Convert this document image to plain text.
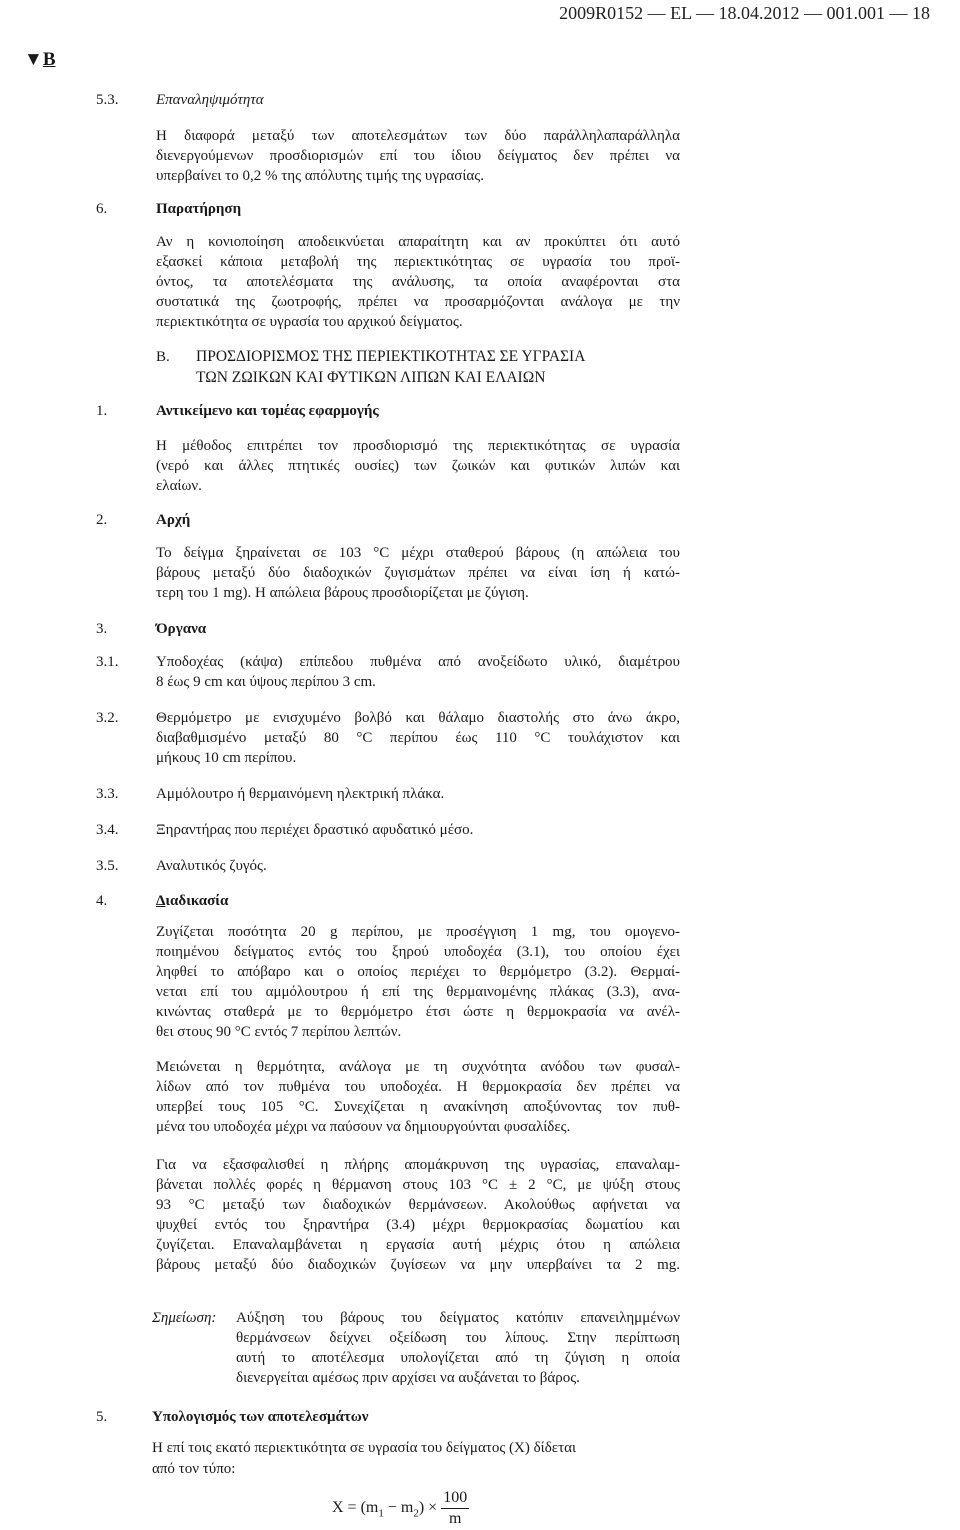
2009R0152 — EL — 18.04.2012 — 001.001 — 18
▼B
5.3.	Επαναληψιμότητα
Η διαφορά μεταξύ των αποτελεσμάτων των δύο παράλληλαπαράλληλα
διενεργούμενων προσδιορισμών επί του ίδιου δείγματος δεν πρέπει να
υπερβαίνει το 0,2 % της απόλυτης τιμής της υγρασίας.
6.	Παρατήρηση
Αν η κονιοποίηση αποδεικνύεται απαραίτητη και αν προκύπτει ότι αυτό
εξασκεί κάποια μεταβολή της περιεκτικότητας σε υγρασία του προϊ-
όντος, τα αποτελέσματα της ανάλυσης, τα οποία αναφέρονται στα
συστατικά της ζωοτροφής, πρέπει να προσαρμόζονται ανάλογα με την
περιεκτικότητα σε υγρασία του αρχικού δείγματος.
B. ΠΡΟΣΔΙΟΡΙΣΜΟΣ ΤΗΣ ΠΕΡΙΕΚΤΙΚΟΤΗΤΑΣ ΣΕ ΥΓΡΑΣΙΑ
ΤΩΝ ΖΩΙΚΩΝ ΚΑΙ ΦΥΤΙΚΩΝ ΛΙΠΩΝ ΚΑΙ ΕΛΑΙΩΝ
1.	Αντικείμενο και τομέας εφαρμογής
Η μέθοδος επιτρέπει τον προσδιορισμό της περιεκτικότητας σε υγρασία
(νερό και άλλες πτητικές ουσίες) των ζωικών και φυτικών λιπών και
ελαίων.
2.	Αρχή
Το δείγμα ξηραίνεται σε 103 °C μέχρι σταθερού βάρους (η απώλεια του
βάρους μεταξύ δύο διαδοχικών ζυγισμάτων πρέπει να είναι ίση ή κατώ-
τερη του 1 mg). Η απώλεια βάρους προσδιορίζεται με ζύγιση.
3.	Όργανα
3.1.	Υποδοχέας (κάψα) επίπεδου πυθμένα από ανοξείδωτο υλικό, διαμέτρου
8 έως 9 cm και ύψους περίπου 3 cm.
3.2.	Θερμόμετρο με ενισχυμένο βολβό και θάλαμο διαστολής στο άνω άκρο,
διαβαθμισμένο μεταξύ 80 °C περίπου έως 110 °C τουλάχιστον και
μήκους 10 cm περίπου.
3.3.	Αμμόλουτρο ή θερμαινόμενη ηλεκτρική πλάκα.
3.4.	Ξηραντήρας που περιέχει δραστικό αφυδατικό μέσο.
3.5.	Αναλυτικός ζυγός.
4.	Διαδικασία
Ζυγίζεται ποσότητα 20 g περίπου, με προσέγγιση 1 mg, του ομογενο-
ποιημένου δείγματος εντός του ξηρού υποδοχέα (3.1), του οποίου έχει
ληφθεί το απόβαρο και ο οποίος περιέχει το θερμόμετρο (3.2). Θερμαί-
νεται επί του αμμόλουτρου ή επί της θερμαινομένης πλάκας (3.3), ανα-
κινώντας σταθερά με το θερμόμετρο έτσι ώστε η θερμοκρασία να ανέλ-
θει στους 90 °C εντός 7 περίπου λεπτών.
Μειώνεται η θερμότητα, ανάλογα με τη συχνότητα ανόδου των φυσαλ-
λίδων από τον πυθμένα του υποδοχέα. Η θερμοκρασία δεν πρέπει να
υπερβεί τους 105 °C. Συνεχίζεται η ανακίνηση αποξύνοντας τον πυθ-
μένα του υποδοχέα μέχρι να παύσουν να δημιουργούνται φυσαλίδες.
Για να εξασφαλισθεί η πλήρης απομάκρυνση της υγρασίας, επαναλαμ-
βάνεται πολλές φορές η θέρμανση στους 103 °C ± 2 °C, με ψύξη στους
93 °C μεταξύ των διαδοχικών θερμάνσεων. Ακολούθως αφήνεται να
ψυχθεί εντός του ξηραντήρα (3.4) μέχρι θερμοκρασίας δωματίου και
ζυγίζεται. Επαναλαμβάνεται η εργασία αυτή μέχρις ότου η απώλεια
βάρους μεταξύ δύο διαδοχικών ζυγίσεων να μην υπερβαίνει τα 2 mg.
Σημείωση: Αύξηση του βάρους του δείγματος κατόπιν επανειλημμένων
θερμάνσεων δείχνει οξείδωση του λίπους. Στην περίπτωση
αυτή το αποτέλεσμα υπολογίζεται από τη ζύγιση η οποία
διενεργείται αμέσως πριν αρχίσει να αυξάνεται το βάρος.
5.	Υπολογισμός των αποτελεσμάτων
Η επί τοις εκατό περιεκτικότητα σε υγρασία του δείγματος (X) δίδεται
από τον τύπο:
$X = (m_1 - m_2) \times \frac{100}{m}$
